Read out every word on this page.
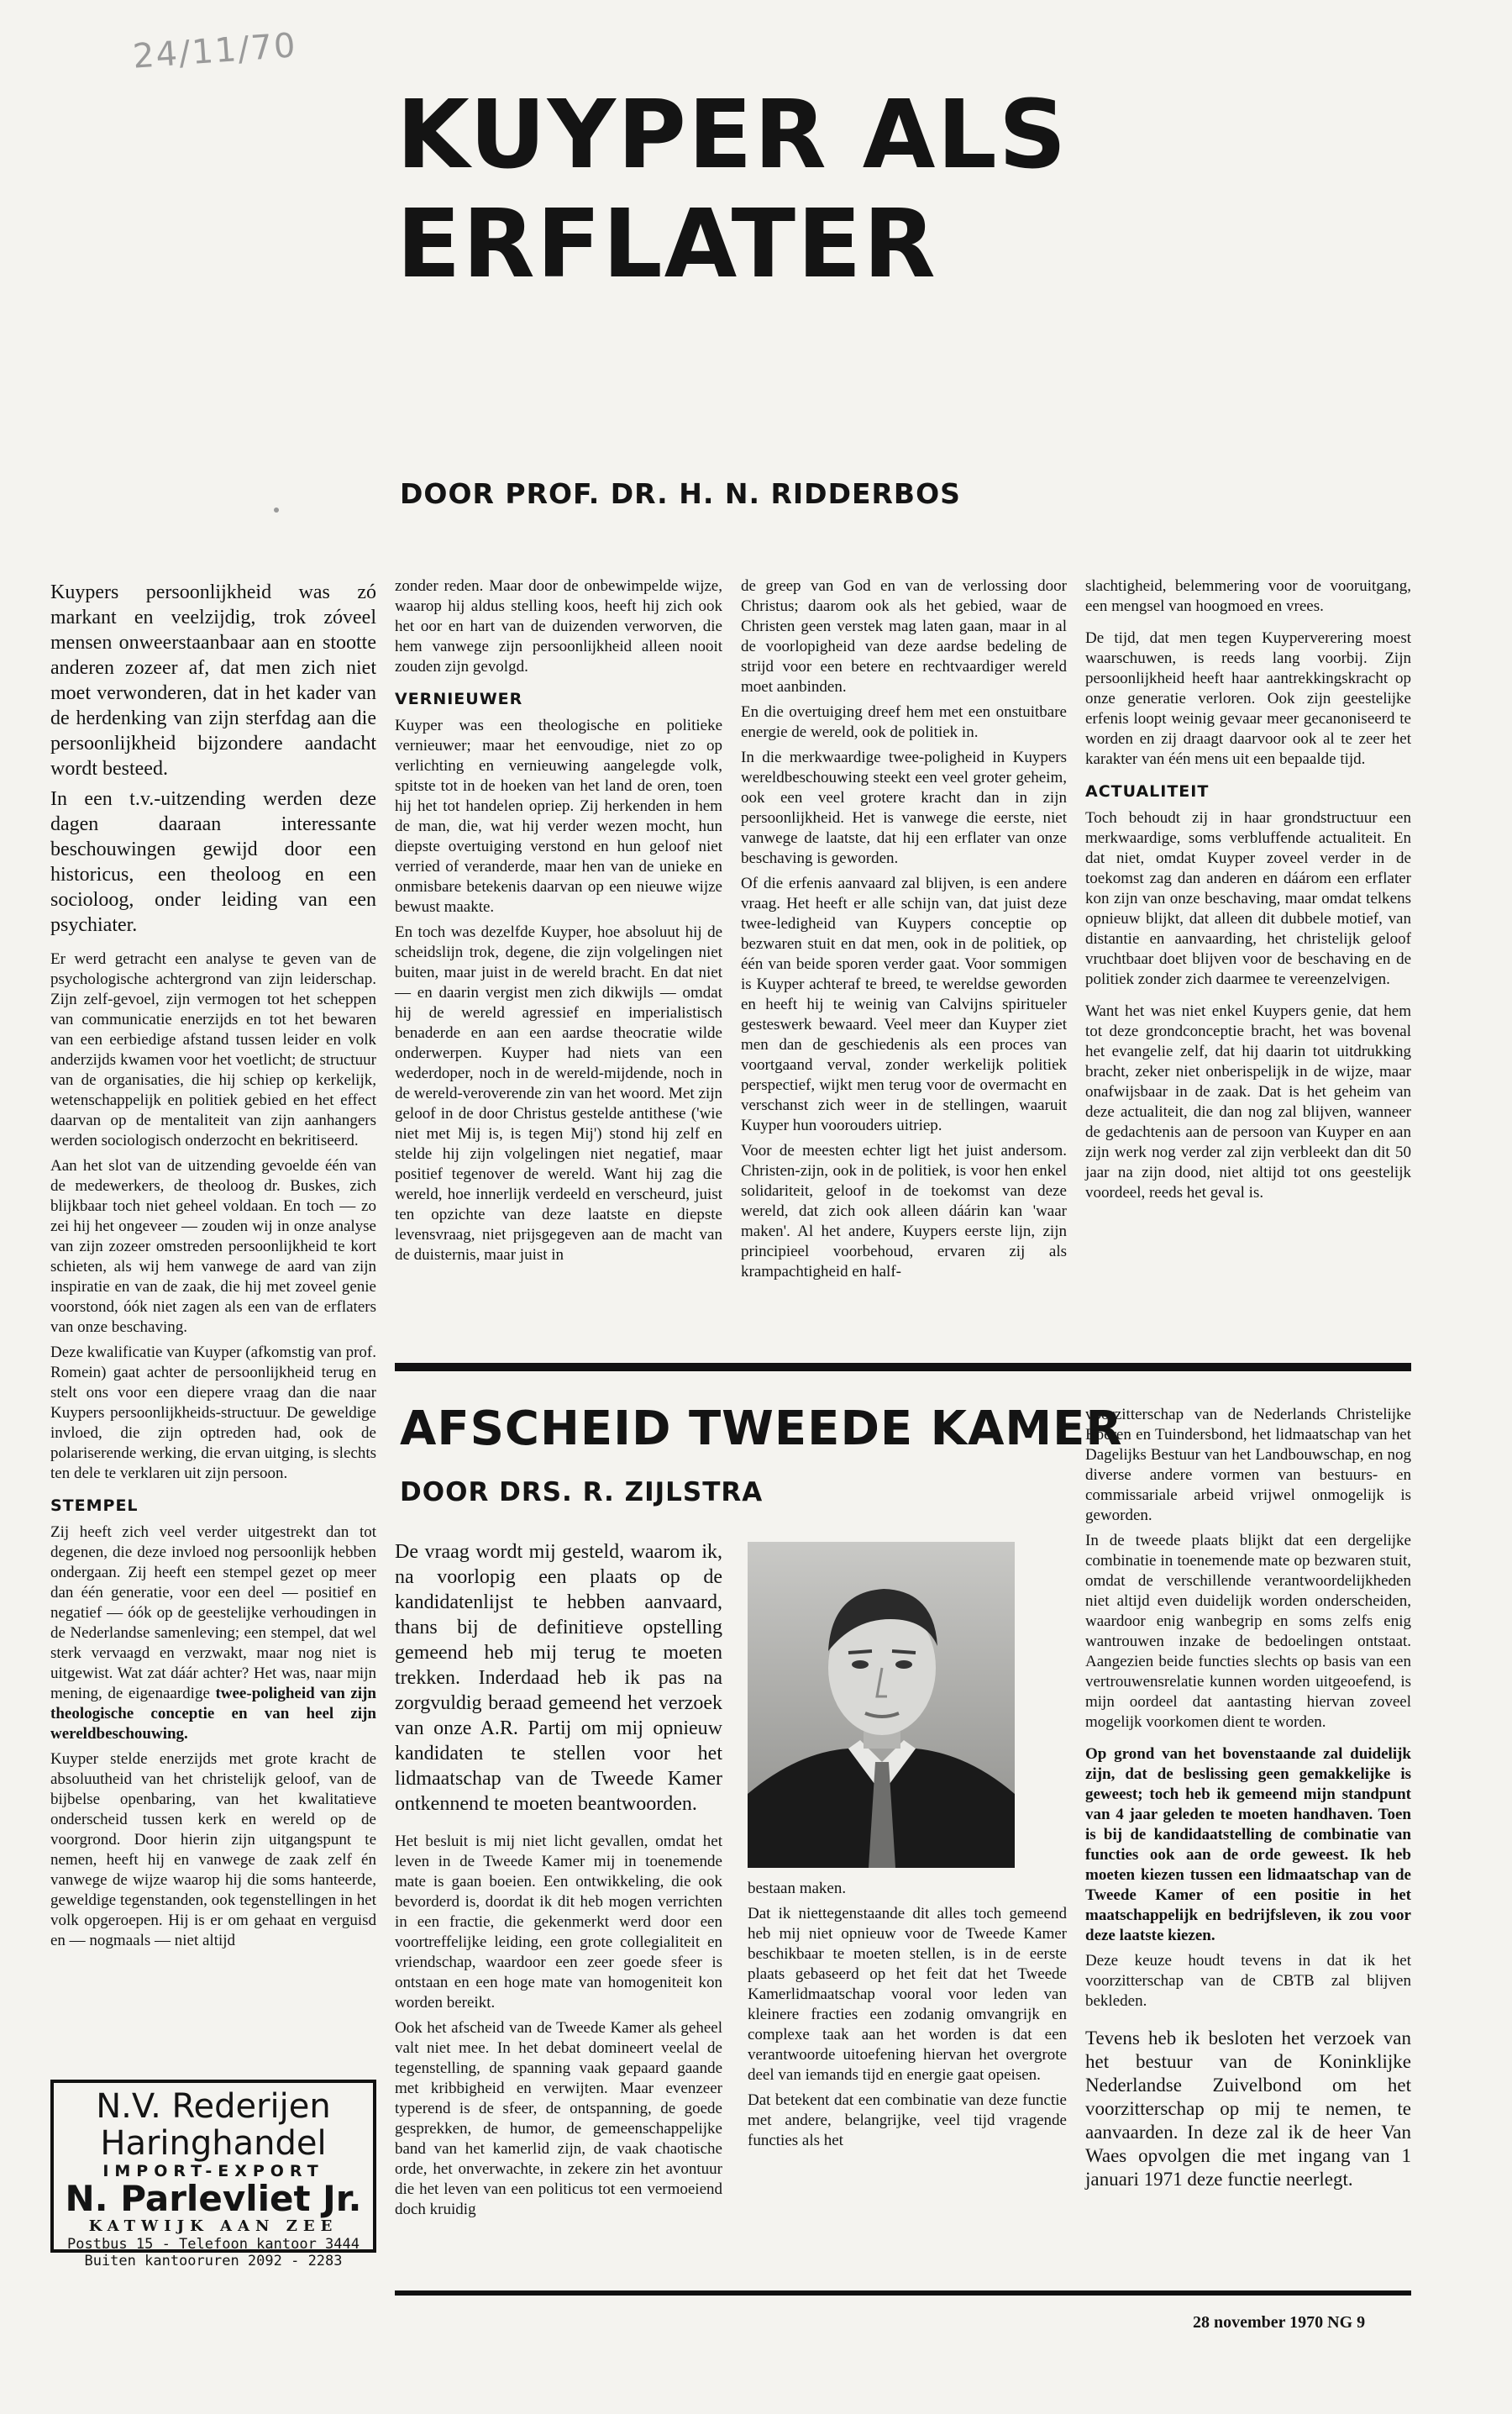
24/11/70
KUYPER ALS ERFLATER
DOOR PROF. DR. H. N. RIDDERBOS

Kuypers persoonlijkheid was zó markant en veelzijdig, trok zóveel mensen onweerstaanbaar aan en stootte anderen zozeer af, dat men zich niet moet verwonderen, dat in het kader van de herdenking van zijn sterfdag aan die persoonlijkheid bijzondere aandacht wordt besteed.

In een t.v.-uitzending werden deze dagen daaraan interessante beschouwingen gewijd door een historicus, een theoloog en een socioloog, onder leiding van een psychiater.

Er werd getracht een analyse te geven van de psychologische achtergrond van zijn leiderschap. Zijn zelf-gevoel, zijn vermogen tot het scheppen van communicatie enerzijds en tot het bewaren van een eerbiedige afstand tussen leider en volk anderzijds kwamen voor het voetlicht; de structuur van de organisaties, die hij schiep op kerkelijk, wetenschappelijk en politiek gebied en het effect daarvan op de mentaliteit van zijn aanhangers werden sociologisch onderzocht en bekritiseerd.

Aan het slot van de uitzending gevoelde één van de medewerkers, de theoloog dr. Buskes, zich blijkbaar toch niet geheel voldaan. En toch — zo zei hij het ongeveer — zouden wij in onze analyse van zijn zozeer omstreden persoonlijkheid te kort schieten, als wij hem vanwege de aard van zijn inspiratie en van de zaak, die hij met zoveel genie voorstond, óók niet zagen als een van de erflaters van onze beschaving.

Deze kwalificatie van Kuyper (afkomstig van prof. Romein) gaat achter de persoonlijkheid terug en stelt ons voor een diepere vraag dan die naar Kuypers persoonlijkheids-structuur. De geweldige invloed, die zijn optreden had, ook de polariserende werking, die ervan uitging, is slechts ten dele te verklaren uit zijn persoon.

STEMPEL

Zij heeft zich veel verder uitgestrekt dan tot degenen, die deze invloed nog persoonlijk hebben ondergaan. Zij heeft een stempel gezet op meer dan één generatie, voor een deel — positief en negatief — óók op de geestelijke verhoudingen in de Nederlandse samenleving; een stempel, dat wel sterk vervaagd en verzwakt, maar nog niet is uitgewist. Wat zat dáár achter? Het was, naar mijn mening, de eigenaardige twee-poligheid van zijn theologische conceptie en van heel zijn wereldbeschouwing.

Kuyper stelde enerzijds met grote kracht de absoluutheid van het christelijk geloof, van de bijbelse openbaring, van het kwalitatieve onderscheid tussen kerk en wereld op de voorgrond. Door hierin zijn uitgangspunt te nemen, heeft hij en vanwege de zaak zelf én vanwege de wijze waarop hij die soms hanteerde, geweldige tegenstanden, ook tegenstellingen in het volk opgeroepen. Hij is er om gehaat en verguisd en — nogmaals — niet altijd

zonder reden. Maar door de onbewimpelde wijze, waarop hij aldus stelling koos, heeft hij zich ook het oor en hart van de duizenden verworven, die hem vanwege zijn persoonlijkheid alleen nooit zouden zijn gevolgd.

VERNIEUWER

Kuyper was een theologische en politieke vernieuwer; maar het eenvoudige, niet zo op verlichting en vernieuwing aangelegde volk, spitste tot in de hoeken van het land de oren, toen hij het tot handelen opriep. Zij herkenden in hem de man, die, wat hij verder wezen mocht, hun diepste overtuiging verstond en hun geloof niet verried of veranderde, maar hen van de unieke en onmisbare betekenis daarvan op een nieuwe wijze bewust maakte.

En toch was dezelfde Kuyper, hoe absoluut hij de scheidslijn trok, degene, die zijn volgelingen niet buiten, maar juist in de wereld bracht. En dat niet — en daarin vergist men zich dikwijls — omdat hij de wereld agressief en imperialistisch benaderde en aan een aardse theocratie wilde onderwerpen. Kuyper had niets van een wederdoper, noch in de wereld-mijdende, noch in de wereld-veroverende zin van het woord. Met zijn geloof in de door Christus gestelde antithese ('wie niet met Mij is, is tegen Mij') stond hij zelf en stelde hij zijn volgelingen niet negatief, maar positief tegenover de wereld. Want hij zag die wereld, hoe innerlijk verdeeld en verscheurd, juist ten opzichte van deze laatste en diepste levensvraag, niet prijsgegeven aan de macht van de duisternis, maar juist in

de greep van God en van de verlossing door Christus; daarom ook als het gebied, waar de Christen geen verstek mag laten gaan, maar in al de voorlopigheid van deze aardse bedeling de strijd voor een betere en rechtvaardiger wereld moet aanbinden.

En die overtuiging dreef hem met een onstuitbare energie de wereld, ook de politiek in.

In die merkwaardige twee-poligheid in Kuypers wereldbeschouwing steekt een veel groter geheim, ook een veel grotere kracht dan in zijn persoonlijkheid. Het is vanwege die eerste, niet vanwege de laatste, dat hij een erflater van onze beschaving is geworden.

Of die erfenis aanvaard zal blijven, is een andere vraag. Het heeft er alle schijn van, dat juist deze twee-ledigheid van Kuypers conceptie op bezwaren stuit en dat men, ook in de politiek, op één van beide sporen verder gaat. Voor sommigen is Kuyper achteraf te breed, te wereldse geworden en heeft hij te weinig van Calvijns spiritueler gesteswerk bewaard. Veel meer dan Kuyper ziet men dan de geschiedenis als een proces van voortgaand verval, zonder werkelijk politiek perspectief, wijkt men terug voor de overmacht en verschanst zich weer in de stellingen, waaruit Kuyper hun voorouders uitriep.

Voor de meesten echter ligt het juist andersom. Christen-zijn, ook in de politiek, is voor hen enkel solidariteit, geloof in de toekomst van deze wereld, dat zich ook alleen dáárin kan 'waar maken'. Al het andere, Kuypers eerste lijn, zijn principieel voorbehoud, ervaren zij als krampachtigheid en half-

slachtigheid, belemmering voor de vooruitgang, een mengsel van hoogmoed en vrees.

De tijd, dat men tegen Kuyperverering moest waarschuwen, is reeds lang voorbij. Zijn persoonlijkheid heeft haar aantrekkingskracht op onze generatie verloren. Ook zijn geestelijke erfenis loopt weinig gevaar meer gecanoniseerd te worden en zij draagt daarvoor ook al te zeer het karakter van één mens uit een bepaalde tijd.

ACTUALITEIT

Toch behoudt zij in haar grondstructuur een merkwaardige, soms verbluffende actualiteit. En dat niet, omdat Kuyper zoveel verder in de toekomst zag dan anderen en dáárom een erflater kon zijn van onze beschaving, maar omdat telkens opnieuw blijkt, dat alleen dit dubbele motief, van distantie en aanvaarding, het christelijk geloof vruchtbaar doet blijven voor de beschaving en de politiek zonder zich daarmee te vereenzelvigen.

Want het was niet enkel Kuypers genie, dat hem tot deze grondconceptie bracht, het was bovenal het evangelie zelf, dat hij daarin tot uitdrukking bracht, zeker niet onberispelijk in de wijze, maar onafwijsbaar in de zaak. Dat is het geheim van deze actualiteit, die dan nog zal blijven, wanneer de gedachtenis aan de persoon van Kuyper en aan zijn werk nog verder zal zijn verbleekt dan dit 50 jaar na zijn dood, niet altijd tot ons geestelijk voordeel, reeds het geval is.

AFSCHEID TWEEDE KAMER
DOOR DRS. R. ZIJLSTRA

De vraag wordt mij gesteld, waarom ik, na voorlopig een plaats op de kandidatenlijst te hebben aanvaard, thans bij de definitieve opstelling gemeend heb mij terug te moeten trekken. Inderdaad heb ik pas na zorgvuldig beraad gemeend het verzoek van onze A.R. Partij om mij opnieuw kandidaten te stellen voor het lidmaatschap van de Tweede Kamer ontkennend te moeten beantwoorden.

Het besluit is mij niet licht gevallen, omdat het leven in de Tweede Kamer mij in toenemende mate is gaan boeien. Een ontwikkeling, die ook bevorderd is, doordat ik dit heb mogen verrichten in een fractie, die gekenmerkt werd door een voortreffelijke leiding, een grote collegialiteit en vriendschap, waardoor een zeer goede sfeer is ontstaan en een hoge mate van homogeniteit kon worden bereikt.

Ook het afscheid van de Tweede Kamer als geheel valt niet mee. In het debat domineert veelal de tegenstelling, de spanning vaak gepaard gaande met kribbigheid en verwijten. Maar evenzeer typerend is de sfeer, de ontspanning, de goede gesprekken, de humor, de gemeenschappelijke band van het kamerlid zijn, de vaak chaotische orde, het onverwachte, in zekere zin het avontuur die het leven van een politicus tot een vermoeiend doch kruidig

bestaan maken.

Dat ik niettegenstaande dit alles toch gemeend heb mij niet opnieuw voor de Tweede Kamer beschikbaar te moeten stellen, is in de eerste plaats gebaseerd op het feit dat het Tweede Kamerlidmaatschap vooral voor leden van kleinere fracties een zodanig omvangrijk en complexe taak aan het worden is dat een verantwoorde uitoefening hiervan het overgrote deel van iemands tijd en energie gaat opeisen.

Dat betekent dat een combinatie van deze functie met andere, belangrijke, veel tijd vragende functies als het

voorzitterschap van de Nederlands Christelijke Boeren en Tuindersbond, het lidmaatschap van het Dagelijks Bestuur van het Landbouwschap, en nog diverse andere vormen van bestuurs- en commissariale arbeid vrijwel onmogelijk is geworden.

In de tweede plaats blijkt dat een dergelijke combinatie in toenemende mate op bezwaren stuit, omdat de verschillende verantwoordelijkheden niet altijd even duidelijk worden onderscheiden, waardoor enig wanbegrip en soms zelfs enig wantrouwen inzake de bedoelingen ontstaat. Aangezien beide functies slechts op basis van een vertrouwensrelatie kunnen worden uitgeoefend, is mijn oordeel dat aantasting hiervan zoveel mogelijk voorkomen dient te worden.

Op grond van het bovenstaande zal duidelijk zijn, dat de beslissing geen gemakkelijke is geweest; toch heb ik gemeend mijn standpunt van 4 jaar geleden te moeten handhaven. Toen is bij de kandidaatstelling de combinatie van functies ook aan de orde geweest. Ik heb moeten kiezen tussen een lidmaatschap van de Tweede Kamer of een positie in het maatschappelijk en bedrijfsleven, ik zou voor deze laatste kiezen.

Deze keuze houdt tevens in dat ik het voorzitterschap van de CBTB zal blijven bekleden.

Tevens heb ik besloten het verzoek van het bestuur van de Koninklijke Nederlandse Zuivelbond om het voorzitterschap op mij te nemen, te aanvaarden. In deze zal ik de heer Van Waes opvolgen die met ingang van 1 januari 1971 deze functie neerlegt.

N.V. Rederijen
Haringhandel
IMPORT-EXPORT
N. Parlevliet Jr.
KATWIJK AAN ZEE
Postbus 15 - Telefoon kantoor 3444
Buiten kantooruren 2092 - 2283
28 november 1970 NG 9
